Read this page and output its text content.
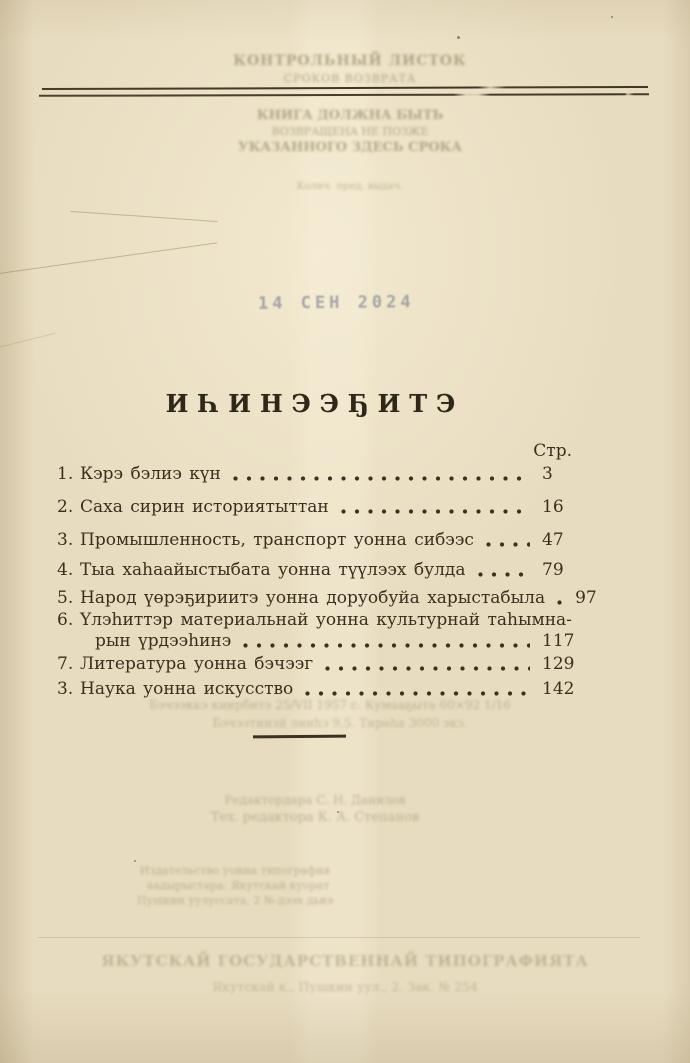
КОНТРОЛЬНЫЙ ЛИСТОК
СРОКОВ ВОЗВРАТА
КНИГА ДОЛЖНА БЫТЬ
ВОЗВРАЩЕНА НЕ ПОЗЖЕ
УКАЗАННОГО ЗДЕСЬ СРОКА
Колич. пред. выдач.
14 СЕН 2024
ИҺИНЭЭҔИТЭ
Стр.
1. Кэрэ бэлиэ күн	3
2. Саха сирин историятыттан	16
3. Промышленность, транспорт уонна сибээс	47
4. Тыа хаһаайыстыбата уонна түүлээх булда	79
5. Народ үөрэҕириитэ уонна доруобуйа харыстабыла 97
6. Үлэһиттэр материальнай уонна культурнай таһымна-
рын үрдээһинэ	117
7. Литература уонна бэчээг	129
3. Наука уонна искусство	142
Бэчээккэ киирбитэ 25/VII 1957 с. Кумааҕыта 60×92 1/16
Бэчээтинэй лииһэ 9,5. Тираһа 3000 экз.
Редактордара С. Н. Данилов
Тех. редактора К. А. Степанов
Издательство уонна типография
аадырыстара: Якутскай куорат
Пушкин уулуссата, 2 №-дээх дьиэ
ЯКУТСКАЙ ГОСУДАРСТВЕННАЙ ТИПОГРАФИЯТА
Якутскай к., Пушкин уул., 2. Зак. № 254
